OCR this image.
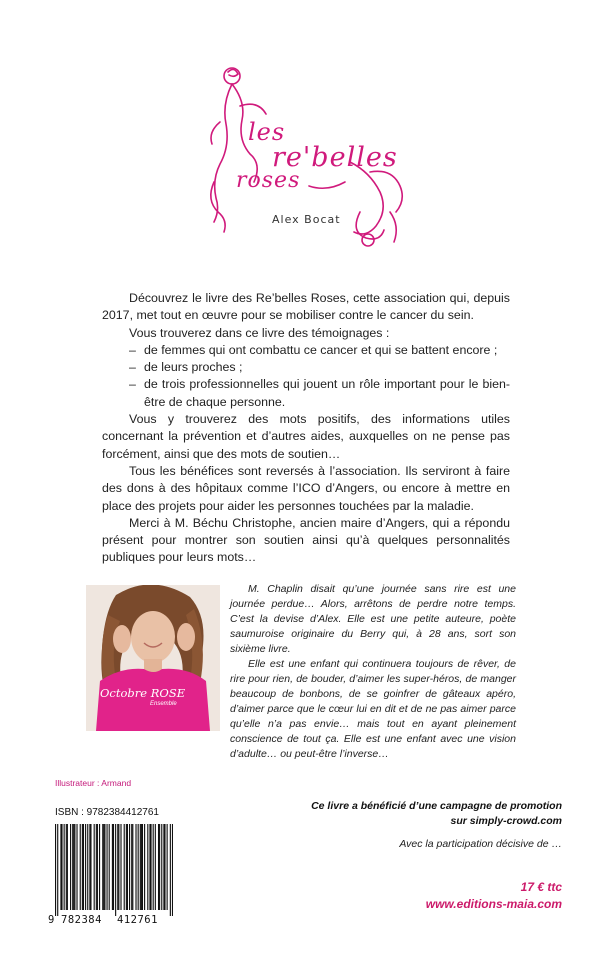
les
re'belles
roses
Alex Bocat

Découvrez le livre des Re’belles Roses, cette association qui, depuis 2017, met tout en œuvre pour se mobiliser contre le cancer du sein.

Vous trouverez dans ce livre des témoignages :

– de femmes qui ont combattu ce cancer et qui se battent encore ;
– de leurs proches ;
– de trois professionnelles qui jouent un rôle important pour le bien-être de chaque personne.

Vous y trouverez des mots positifs, des informations utiles concernant la prévention et d’autres aides, auxquelles on ne pense pas forcément, ainsi que des mots de soutien…

Tous les bénéfices sont reversés à l’association. Ils serviront à faire des dons à des hôpitaux comme l’ICO d’Angers, ou encore à mettre en place des projets pour aider les personnes touchées par la maladie.

Merci à M. Béchu Christophe, ancien maire d’Angers, qui a répondu présent pour montrer son soutien ainsi qu’à quelques personnalités publiques pour leurs mots…

Octobre ROSE
Ensemble

M. Chaplin disait qu’une journée sans rire est une journée perdue… Alors, arrêtons de perdre notre temps. C’est la devise d’Alex. Elle est une petite auteure, poète saumuroise originaire du Berry qui, à 28 ans, sort son sixième livre.

Elle est une enfant qui continuera toujours de rêver, de rire pour rien, de bouder, d’aimer les super-héros, de manger beaucoup de bonbons, de se goinfrer de gâteaux apéro, d’aimer parce que le cœur lui en dit et de ne pas aimer parce qu’elle n’a pas envie… mais tout en ayant pleinement conscience de tout ça. Elle est une enfant avec une vision d’adulte… ou peut-être l’inverse…

Illustrateur : Armand
ISBN : 9782384412761
9 782384 412761
Ce livre a bénéficié d’une campagne de promotion
sur simply-crowd.com
Avec la participation décisive de …
17 € ttc
www.editions-maia.com
